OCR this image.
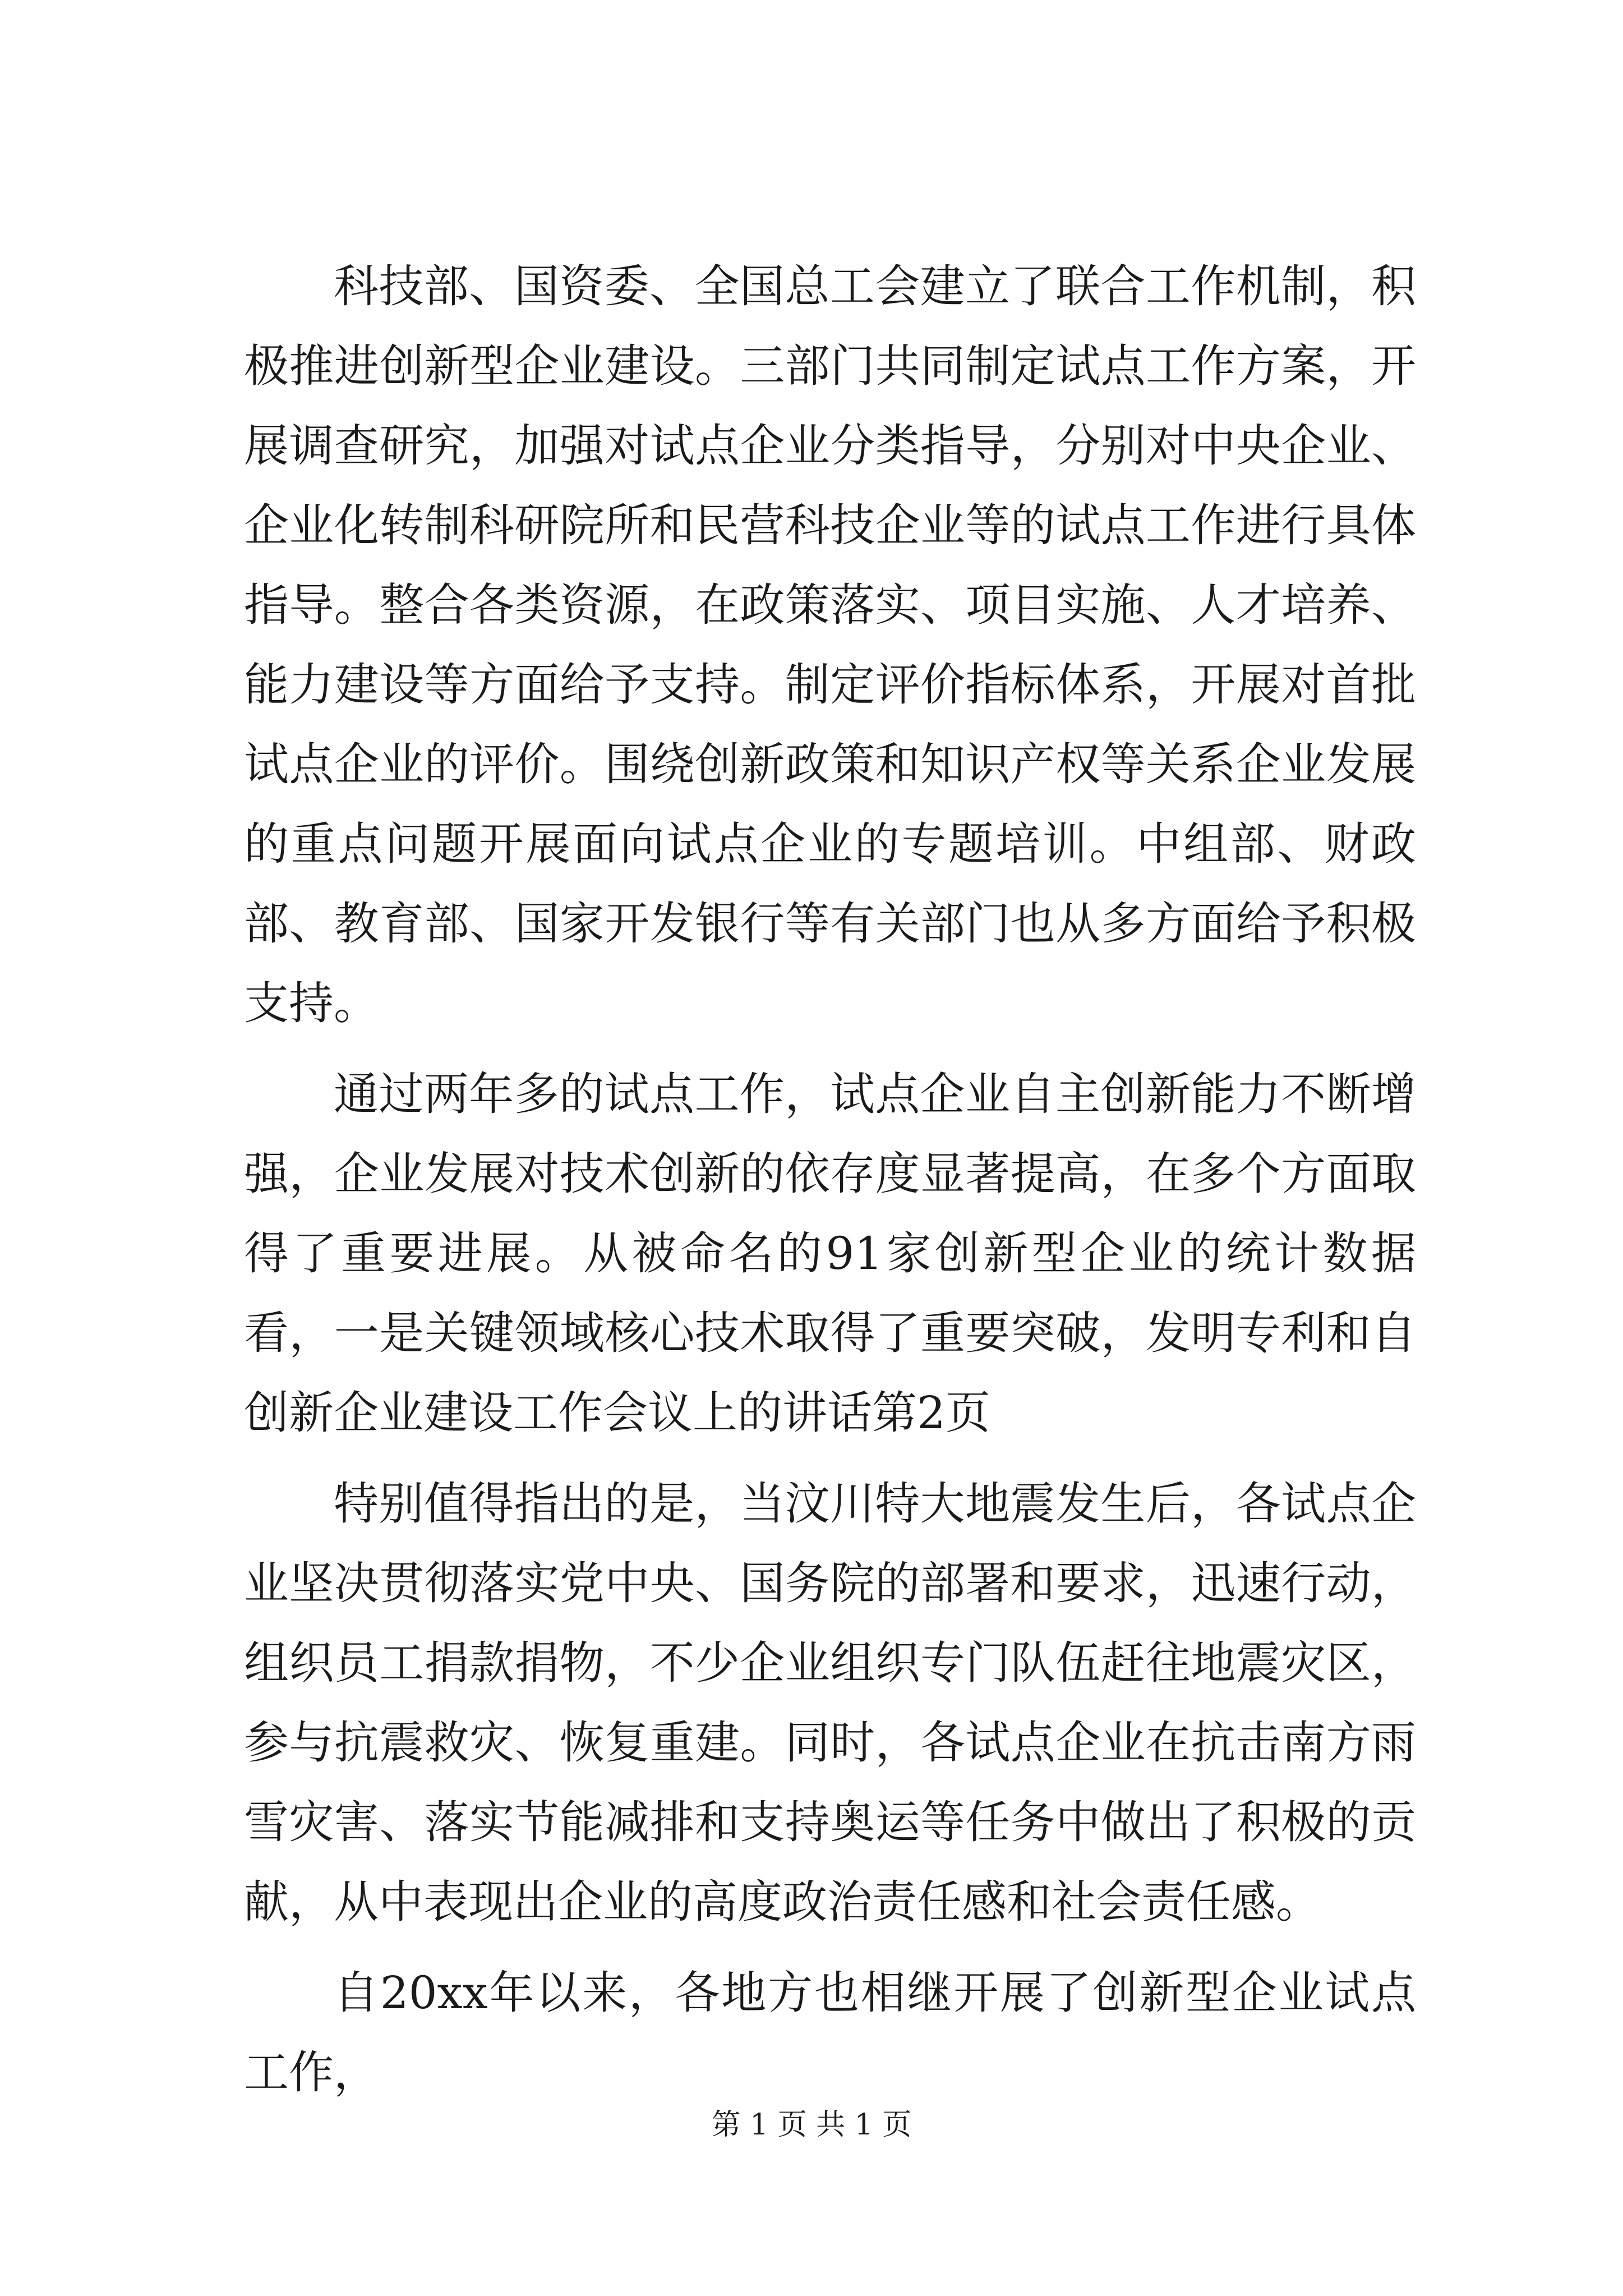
科技部、国资委、全国总工会建立了联合工作机制，积极推进创新型企业建设。三部门共同制定试点工作方案，开展调查研究，加强对试点企业分类指导，分别对中央企业、企业化转制科研院所和民营科技企业等的试点工作进行具体指导。整合各类资源，在政策落实、项目实施、人才培养、能力建设等方面给予支持。制定评价指标体系，开展对首批试点企业的评价。围绕创新政策和知识产权等关系企业发展的重点问题开展面向试点企业的专题培训。中组部、财政部、教育部、国家开发银行等有关部门也从多方面给予积极支持。

通过两年多的试点工作，试点企业自主创新能力不断增强，企业发展对技术创新的依存度显著提高，在多个方面取得了重要进展。从被命名的91家创新型企业的统计数据看，一是关键领域核心技术取得了重要突破，发明专利和自创新企业建设工作会议上的讲话第2页

特别值得指出的是，当汶川特大地震发生后，各试点企业坚决贯彻落实党中央、国务院的部署和要求，迅速行动，组织员工捐款捐物，不少企业组织专门队伍赶往地震灾区，参与抗震救灾、恢复重建。同时，各试点企业在抗击南方雨雪灾害、落实节能减排和支持奥运等任务中做出了积极的贡献，从中表现出企业的高度政治责任感和社会责任感。

自20xx年以来，各地方也相继开展了创新型企业试点工作，

第 1 页 共 1 页
